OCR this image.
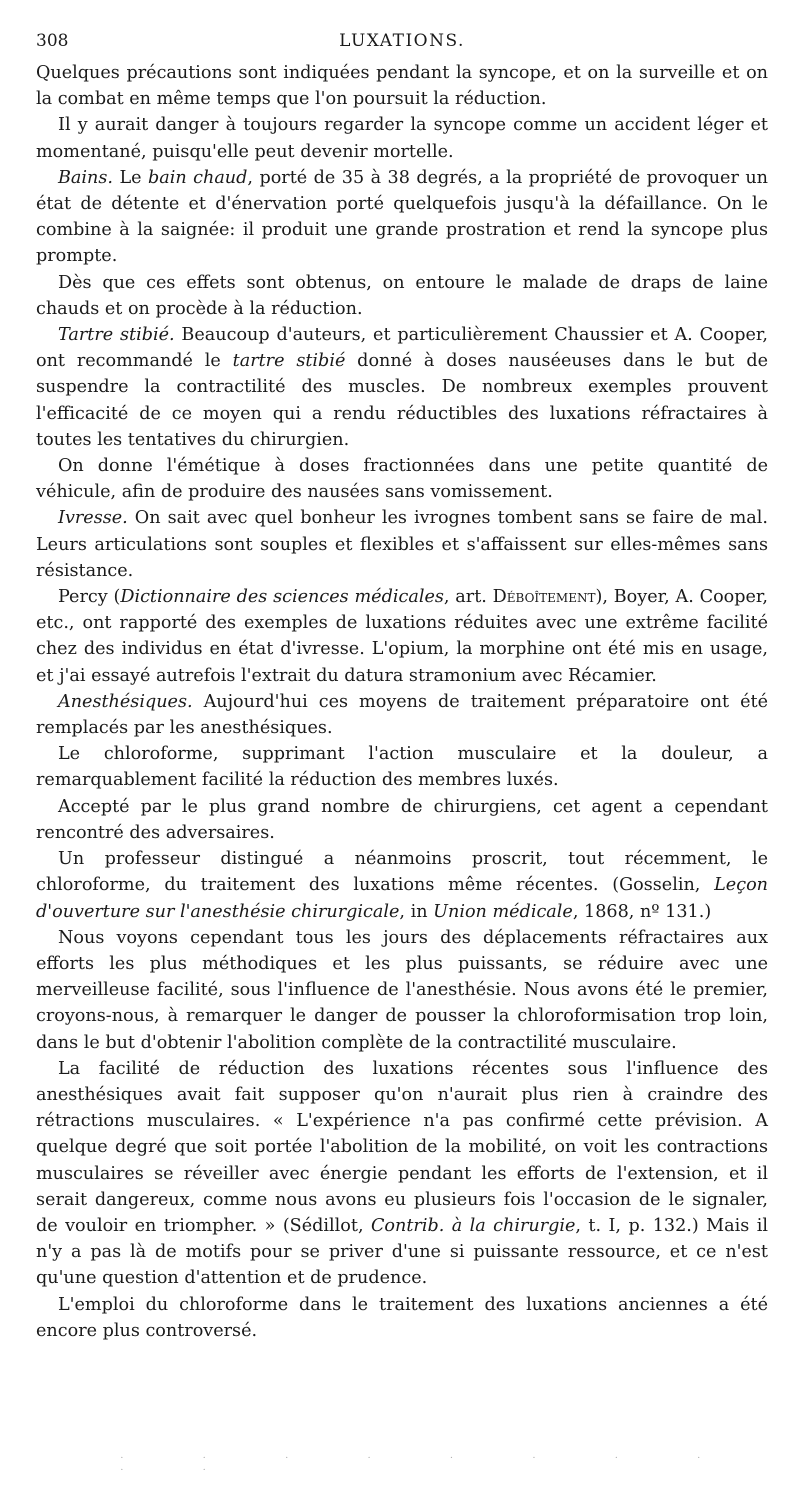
308	LUXATIONS.

Quelques précautions sont indiquées pendant la syncope, et on la surveille et on la combat en même temps que l'on poursuit la réduction.

Il y aurait danger à toujours regarder la syncope comme un accident léger et momentané, puisqu'elle peut devenir mortelle.

Bains. Le bain chaud, porté de 35 à 38 degrés, a la propriété de provoquer un état de détente et d'énervation porté quelquefois jusqu'à la défaillance. On le combine à la saignée: il produit une grande prostration et rend la syncope plus prompte.

Dès que ces effets sont obtenus, on entoure le malade de draps de laine chauds et on procède à la réduction.

Tartre stibié. Beaucoup d'auteurs, et particulièrement Chaussier et A. Cooper, ont recommandé le tartre stibié donné à doses nauséeuses dans le but de suspendre la contractilité des muscles. De nombreux exemples prouvent l'efficacité de ce moyen qui a rendu réductibles des luxations réfractaires à toutes les tentatives du chirurgien.

On donne l'émétique à doses fractionnées dans une petite quantité de véhicule, afin de produire des nausées sans vomissement.

Ivresse. On sait avec quel bonheur les ivrognes tombent sans se faire de mal. Leurs articulations sont souples et flexibles et s'affaissent sur elles-mêmes sans résistance.

Percy (Dictionnaire des sciences médicales, art. Déboîtement), Boyer, A. Cooper, etc., ont rapporté des exemples de luxations réduites avec une extrême facilité chez des individus en état d'ivresse. L'opium, la morphine ont été mis en usage, et j'ai essayé autrefois l'extrait du datura stramonium avec Récamier.

Anesthésiques. Aujourd'hui ces moyens de traitement préparatoire ont été remplacés par les anesthésiques.

Le chloroforme, supprimant l'action musculaire et la douleur, a remarquablement facilité la réduction des membres luxés.

Accepté par le plus grand nombre de chirurgiens, cet agent a cependant rencontré des adversaires.

Un professeur distingué a néanmoins proscrit, tout récemment, le chloroforme, du traitement des luxations même récentes. (Gosselin, Leçon d'ouverture sur l'anesthésie chirurgicale, in Union médicale, 1868, nº 131.)

Nous voyons cependant tous les jours des déplacements réfractaires aux efforts les plus méthodiques et les plus puissants, se réduire avec une merveilleuse facilité, sous l'influence de l'anesthésie. Nous avons été le premier, croyons-nous, à remarquer le danger de pousser la chloroformisation trop loin, dans le but d'obtenir l'abolition complète de la contractilité musculaire.

La facilité de réduction des luxations récentes sous l'influence des anesthésiques avait fait supposer qu'on n'aurait plus rien à craindre des rétractions musculaires. « L'expérience n'a pas confirmé cette prévision. A quelque degré que soit portée l'abolition de la mobilité, on voit les contractions musculaires se réveiller avec énergie pendant les efforts de l'extension, et il serait dangereux, comme nous avons eu plusieurs fois l'occasion de le signaler, de vouloir en triompher. » (Sédillot, Contrib. à la chirurgie, t. I, p. 132.) Mais il n'y a pas là de motifs pour se priver d'une si puissante ressource, et ce n'est qu'une question d'attention et de prudence.

L'emploi du chloroforme dans le traitement des luxations anciennes a été encore plus controversé.

· · · · · · · · · ·
